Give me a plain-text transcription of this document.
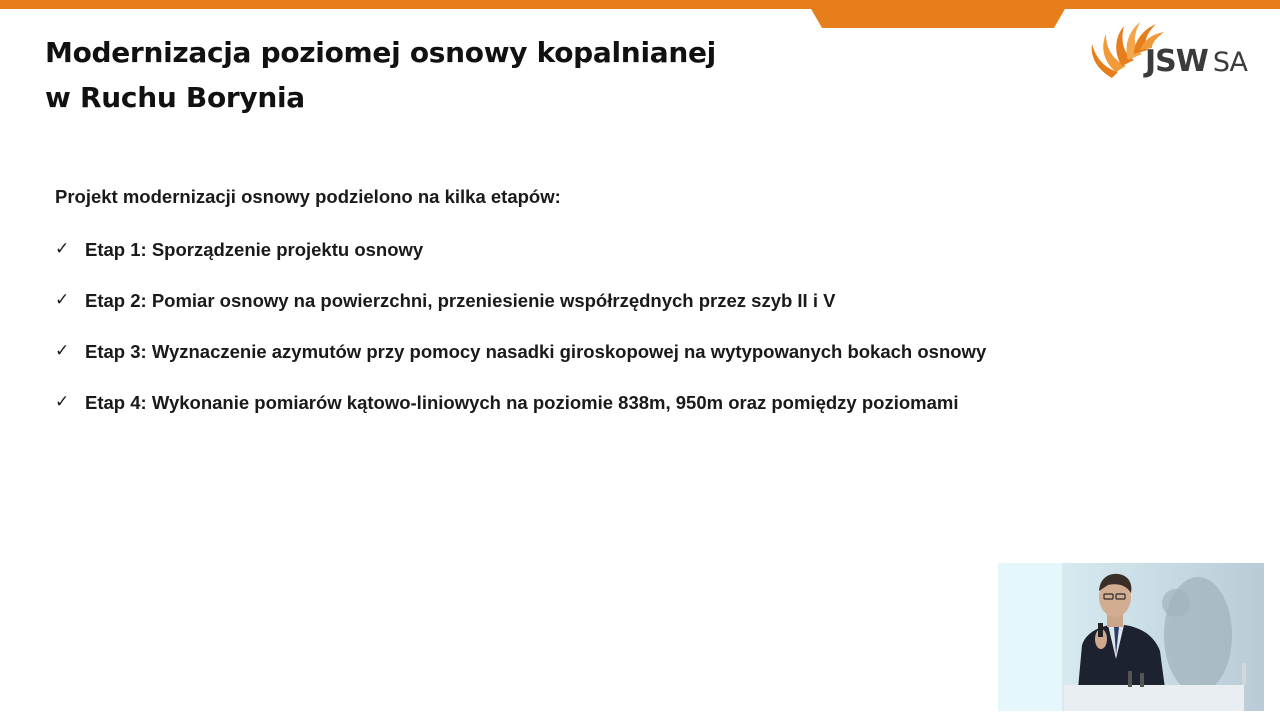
Modernizacja poziomej osnowy kopalnianej
w Ruchu Borynia
JSW SA
Projekt modernizacji osnowy podzielono na kilka etapów:
✓ Etap 1: Sporządzenie projektu osnowy
✓ Etap 2: Pomiar osnowy na powierzchni, przeniesienie współrzędnych przez szyb II i V
✓ Etap 3: Wyznaczenie azymutów przy pomocy nasadki giroskopowej na wytypowanych bokach osnowy
✓ Etap 4: Wykonanie pomiarów kątowo-liniowych na poziomie 838m, 950m oraz pomiędzy poziomami
